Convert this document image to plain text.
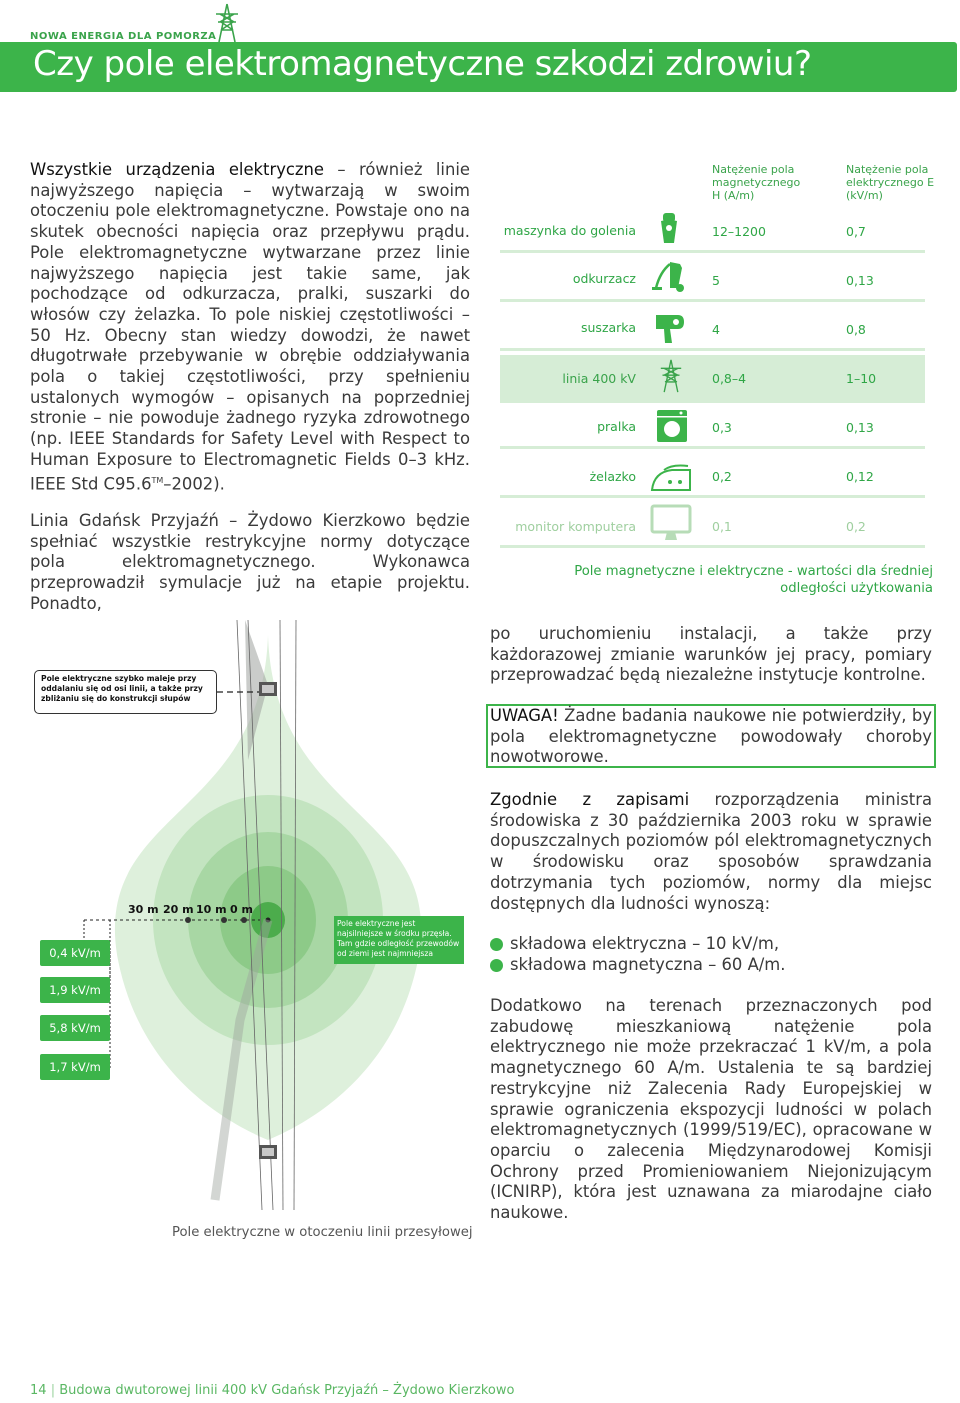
NOWA ENERGIA DLA POMORZA
Czy pole elektromagnetyczne szkodzi zdrowiu?
Wszystkie urządzenia elektryczne – również linie najwyższego napięcia – wytwarzają w swoim otoczeniu pole elektromagnetyczne. Powstaje ono na skutek obecności napięcia oraz przepływu prądu. Pole elektromagnetyczne wytwarzane przez linie najwyższego napięcia jest takie same, jak pochodzące od odkurzacza, pralki, suszarki do włosów czy żelazka. To pole niskiej częstotliwości – 50 Hz. Obecny stan wiedzy dowodzi, że nawet długotrwałe przebywanie w obrębie oddziaływania pola o takiej częstotliwości, przy spełnieniu ustalonych wymogów – opisanych na poprzedniej stronie – nie powoduje żadnego ryzyka zdrowotnego (np. IEEE Standards for Safety Level with Respect to Human Exposure to Electromagnetic Fields 0–3 kHz. IEEE Std C95.6™–2002).
Linia Gdańsk Przyjaźń – Żydowo Kierzkowo będzie spełniać wszystkie restrykcyjne normy dotyczące pola elektromagnetycznego. Wykonawca przeprowadził symulacje już na etapie projektu. Ponadto,
Natężenie pola magnetycznego H (A/m)
Natężenie pola elektrycznego E (kV/m)
maszynka do golenia	12–1200	0,7
odkurzacz	5	0,13
suszarka	4	0,8
linia 400 kV	0,8–4	1–10
pralka	0,3	0,13
żelazko	0,2	0,12
monitor komputera	0,1	0,2
Pole magnetyczne i elektryczne - wartości dla średniej odległości użytkowania
po uruchomieniu instalacji, a także przy każdorazowej zmianie warunków jej pracy, pomiary przeprowadzać będą niezależne instytucje kontrolne.
UWAGA! Żadne badania naukowe nie potwierdziły, by pola elektromagnetyczne powodowały choroby nowotworowe.
Zgodnie z zapisami rozporządzenia ministra środowiska z 30 października 2003 roku w sprawie dopuszczalnych poziomów pól elektromagnetycznych w środowisku oraz sposobów sprawdzania dotrzymania tych poziomów, normy dla miejsc dostępnych dla ludności wynoszą:
składowa elektryczna – 10 kV/m,
składowa magnetyczna – 60 A/m.
Dodatkowo na terenach przeznaczonych pod zabudowę mieszkaniową natężenie pola elektrycznego nie może przekraczać 1 kV/m, a pola magnetycznego 60 A/m. Ustalenia te są bardziej restrykcyjne niż Zalecenia Rady Europejskiej w sprawie ograniczenia ekspozycji ludności w polach elektromagnetycznych (1999/519/EC), opracowane w oparciu o zalecenia Międzynarodowej Komisji Ochrony przed Promieniowaniem Niejonizującym (ICNIRP), która jest uznawana za miarodajne ciało naukowe.
Pole elektryczne szybko maleje przy oddalaniu się od osi linii, a także przy zbliżaniu się do konstrukcji słupów
Pole elektryczne jest najsilniejsze w środku przęsła. Tam gdzie odległość przewodów od ziemi jest najmniejsza
30 m 20 m 10 m 0 m
0,4 kV/m
1,9 kV/m
5,8 kV/m
1,7 kV/m
Pole elektryczne w otoczeniu linii przesyłowej
14 | Budowa dwutorowej linii 400 kV Gdańsk Przyjaźń – Żydowo Kierzkowo
